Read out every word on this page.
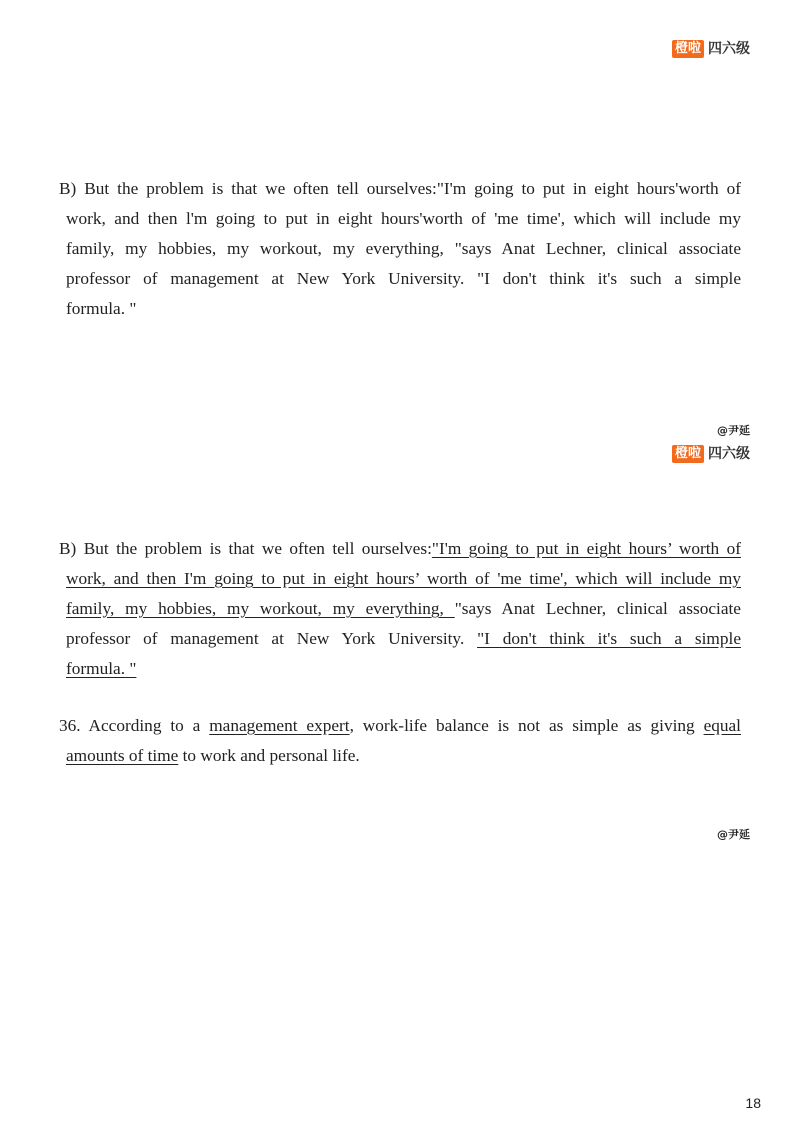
橙啦 四六级
B) But the problem is that we often tell ourselves:"I'm going to put in eight hours'worth of
work, and then l'm going to put in eight hours'worth of 'me time', which will include my
family, my hobbies, my workout, my everything, "says Anat Lechner, clinical associate
professor of management at New York University. "I don't think it's such a simple
formula. "
@尹延
橙啦 四六级
B) But the problem is that we often tell ourselves:"I'm going to put in eight hours’ worth of
work, and then I'm going to put in eight hours’ worth of 'me time', which will include my
family, my hobbies, my workout, my everything, "says Anat Lechner, clinical associate
professor of management at New York University. "I don't think it's such a simple
formula. "
36. According to a management expert, work-life balance is not as simple as giving equal
amounts of time to work and personal life.
@尹延
18
